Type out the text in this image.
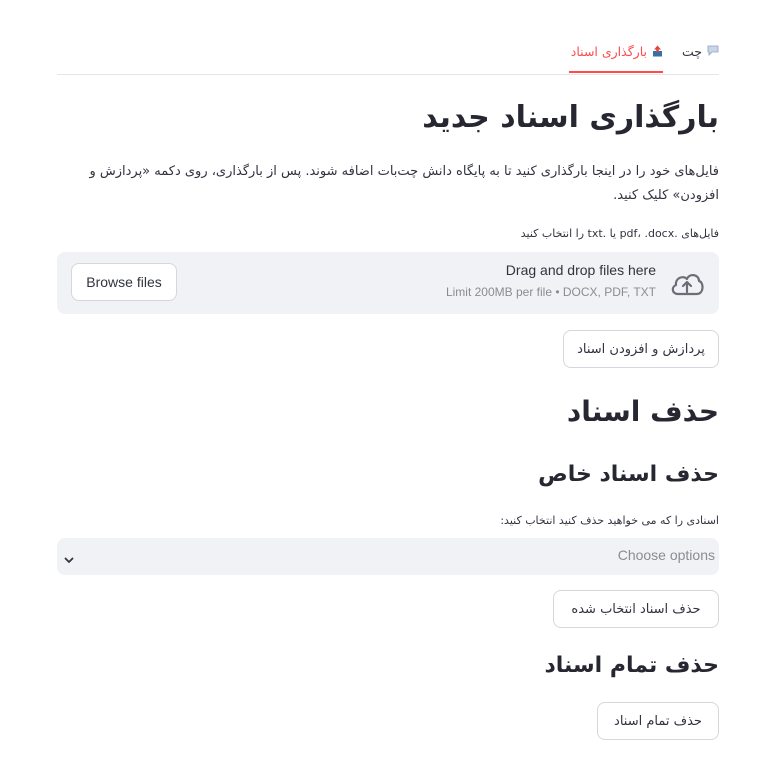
چت
بارگذاری اسناد
بارگذاری اسناد جدید

فایل‌های خود را در اینجا بارگذاری کنید تا به پایگاه دانش چت‌بات اضافه شوند. پس از بارگذاری، روی دکمه «پردازش و افزودن» کلیک کنید.

فایل‌های .pdf، .docx یا .txt را انتخاب کنید
Browse files
Drag and drop files here
Limit 200MB per file • DOCX, PDF, TXT
پردازش و افزودن اسناد
حذف اسناد
حذف اسناد خاص
اسنادی را که می خواهید حذف کنید انتخاب کنید:
Choose options
حذف اسناد انتخاب شده
حذف تمام اسناد
حذف تمام اسناد
